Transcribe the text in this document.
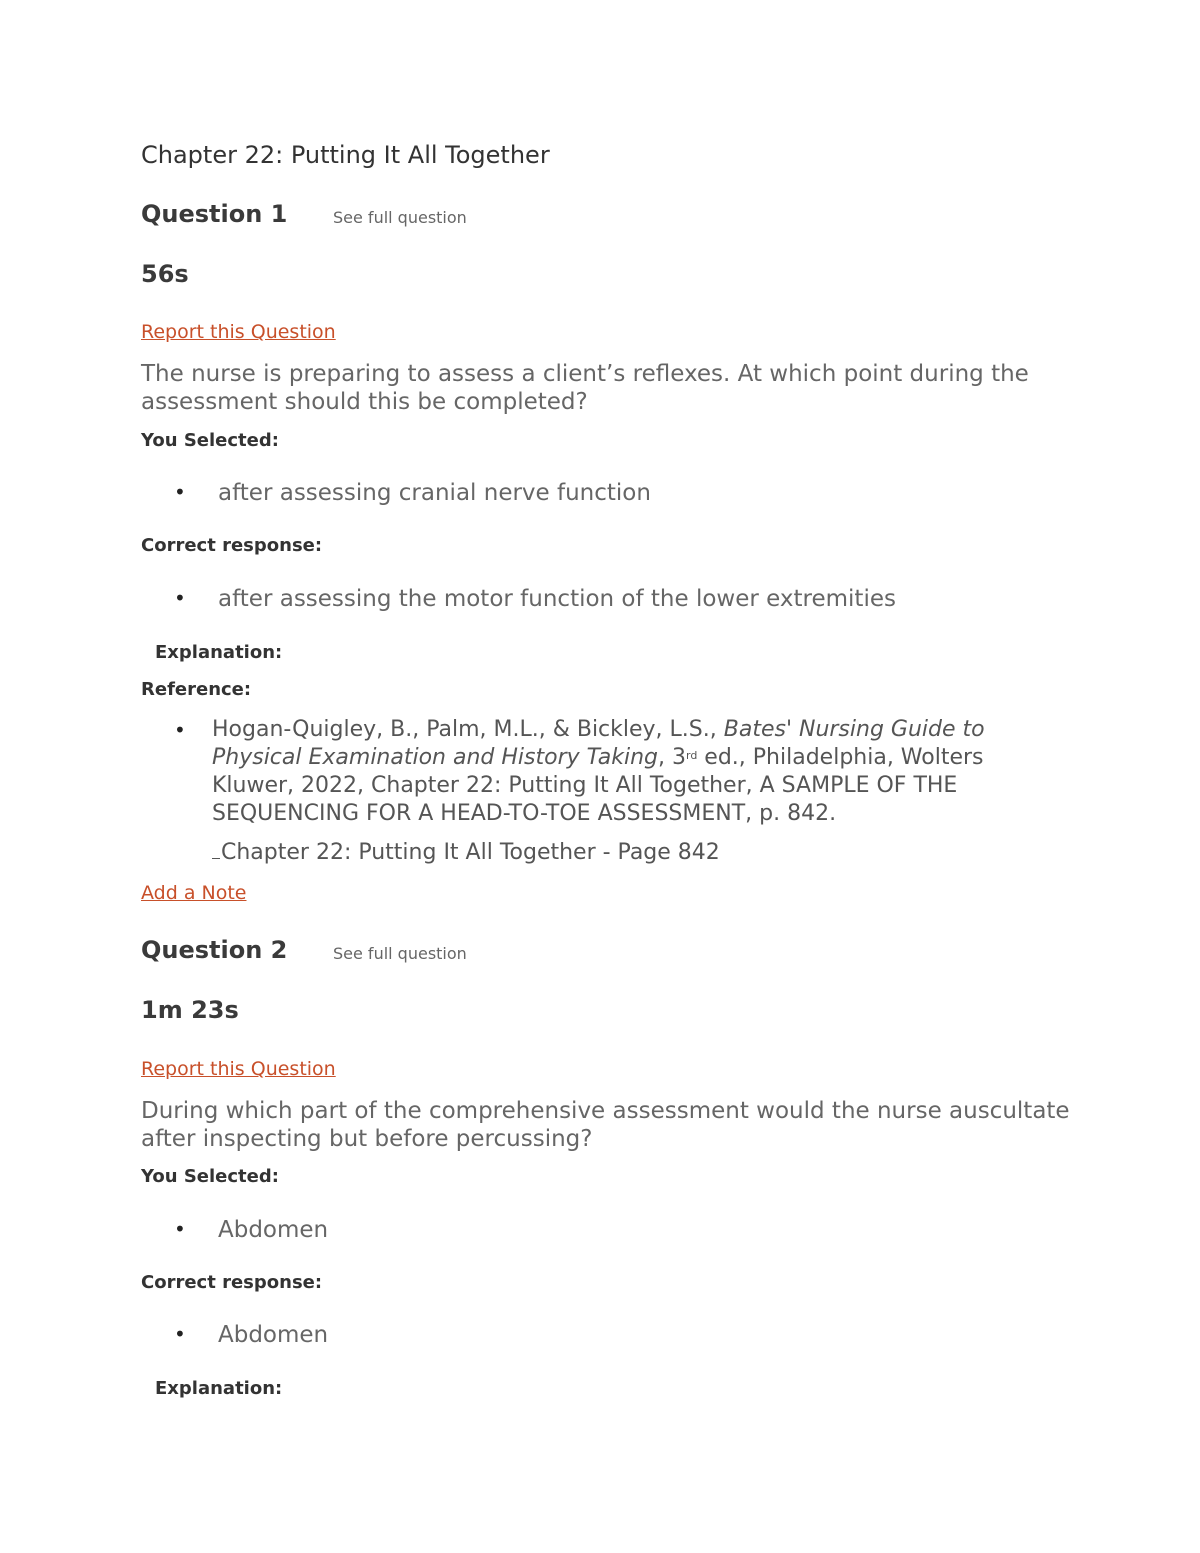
Chapter 22: Putting It All Together
Question 1	See full question
56s
Report this Question
The nurse is preparing to assess a client’s reflexes. At which point during the assessment should this be completed?
You Selected:
• after assessing cranial nerve function
Correct response:
• after assessing the motor function of the lower extremities
Explanation:
Reference:
• Hogan-Quigley, B., Palm, M.L., & Bickley, L.S., Bates' Nursing Guide to Physical Examination and History Taking, 3rd ed., Philadelphia, Wolters Kluwer, 2022, Chapter 22: Putting It All Together, A SAMPLE OF THE SEQUENCING FOR A HEAD-TO-TOE ASSESSMENT, p. 842.
Chapter 22: Putting It All Together - Page 842
Add a Note
Question 2	See full question
1m 23s
Report this Question
During which part of the comprehensive assessment would the nurse auscultate after inspecting but before percussing?
You Selected:
• Abdomen
Correct response:
• Abdomen
Explanation:
